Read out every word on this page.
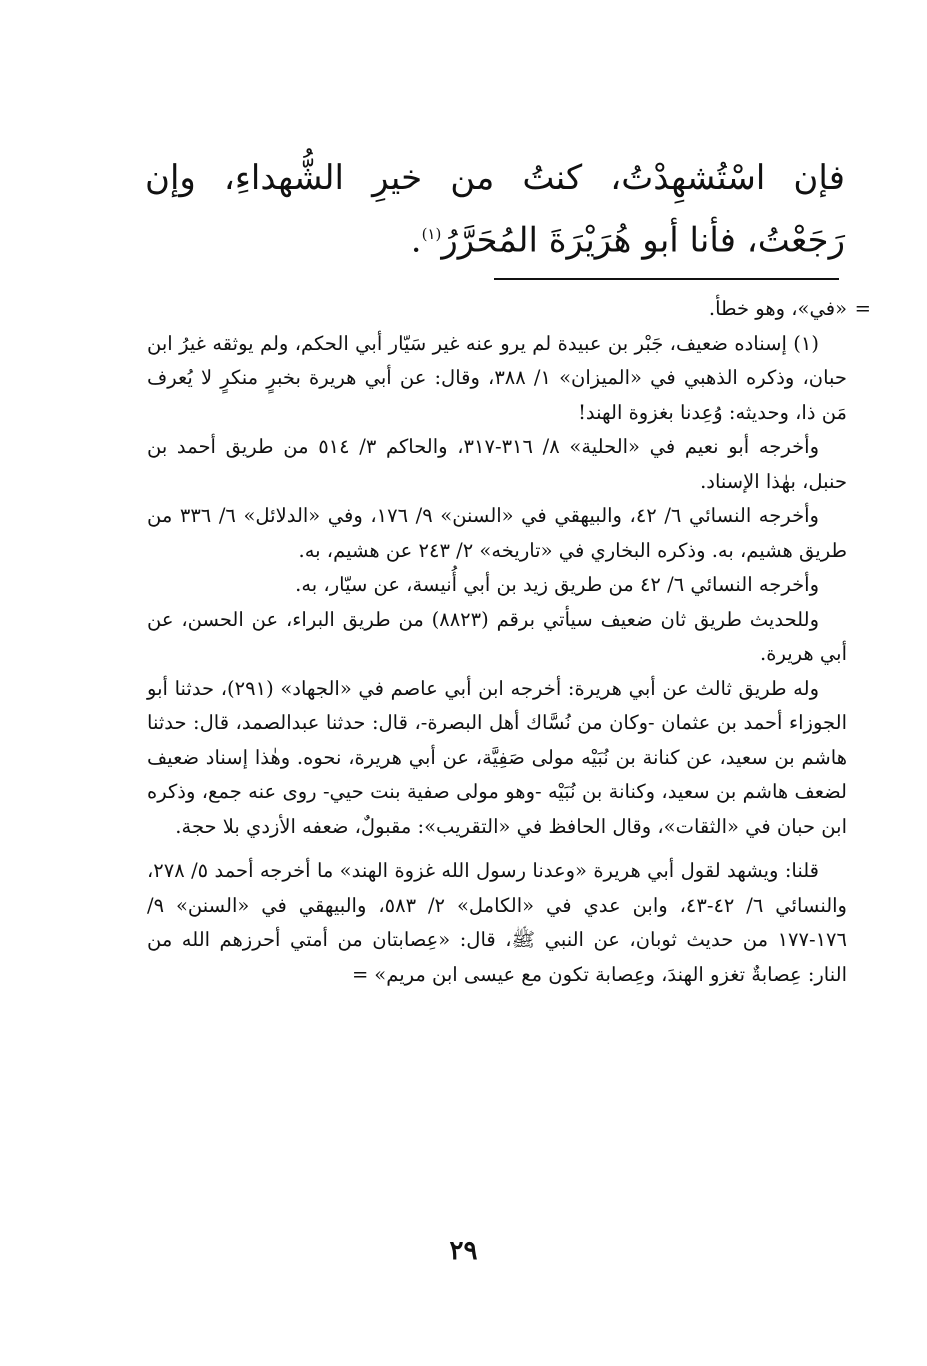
فإن اسْتُشهِدْتُ، كنتُ من خيرِ الشُّهداءِ، وإن رَجَعْتُ، فأنا أبو هُرَيْرَةَ المُحَرَّرُ$^{(١)}$.

=
«في»، وهو خطأ.

(١) إسناده ضعيف، جَبْر بن عبيدة لم يرو عنه غير سَيّار أبي الحكم، ولم يوثقه غيرُ ابن حبان، وذكره الذهبي في «الميزان» ١/ ٣٨٨، وقال: عن أبي هريرة بخبرٍ منكرٍ لا يُعرف مَن ذا، وحديثه: وُعِدنا بغزوة الهند!

وأخرجه أبو نعيم في «الحلية» ٨/ ٣١٦-٣١٧، والحاكم ٣/ ٥١٤ من طريق أحمد بن حنبل، بهٰذا الإسناد.

وأخرجه النسائي ٦/ ٤٢، والبيهقي في «السنن» ٩/ ١٧٦، وفي «الدلائل» ٦/ ٣٣٦ من طريق هشيم، به. وذكره البخاري في «تاريخه» ٢/ ٢٤٣ عن هشيم، به.

وأخرجه النسائي ٦/ ٤٢ من طريق زيد بن أبي أُنيسة، عن سيّار، به.

وللحديث طريق ثان ضعيف سيأتي برقم (٨٨٢٣) من طريق البراء، عن الحسن، عن أبي هريرة.

وله طريق ثالث عن أبي هريرة: أخرجه ابن أبي عاصم في «الجهاد» (٢٩١)، حدثنا أبو الجوزاء أحمد بن عثمان -وكان من نُسَّاك أهل البصرة-، قال: حدثنا عبدالصمد، قال: حدثنا هاشم بن سعيد، عن كنانة بن نُبَيْه مولى صَفِيَّة، عن أبي هريرة، نحوه. وهٰذا إسناد ضعيف لضعف هاشم بن سعيد، وكنانة بن نُبَيْه -وهو مولى صفية بنت حيي- روى عنه جمع، وذكره ابن حبان في «الثقات»، وقال الحافظ في «التقريب»: مقبولٌ، ضعفه الأزدي بلا حجة.

قلنا: ويشهد لقول أبي هريرة «وعدنا رسول الله غزوة الهند» ما أخرجه أحمد ٥/ ٢٧٨، والنسائي ٦/ ٤٢-٤٣، وابن عدي في «الكامل» ٢/ ٥٨٣، والبيهقي في «السنن» ٩/ ١٧٦-١٧٧ من حديث ثوبان، عن النبي ﷺ، قال: «عِصابتان من أمتي أحرزهم الله من النار: عِصابةٌ تغزو الهندَ، وعِصابة تكون مع عيسى ابن مريم»=

٢٩
